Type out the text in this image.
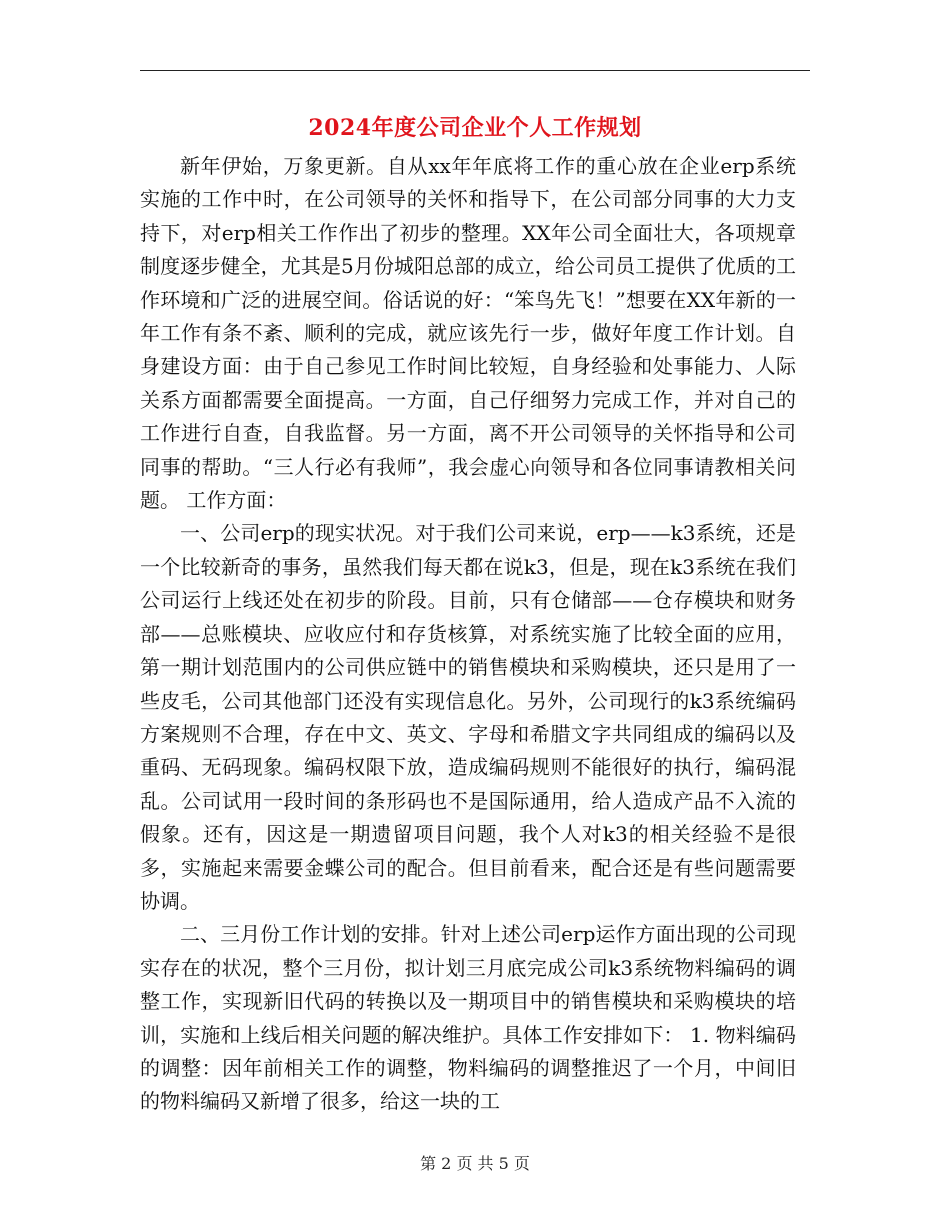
2024年度公司企业个人工作规划

新年伊始，万象更新。自从xx年年底将工作的重心放在企业erp系统实施的工作中时，在公司领导的关怀和指导下，在公司部分同事的大力支持下，对erp相关工作作出了初步的整理。XX年公司全面壮大，各项规章制度逐步健全，尤其是5月份城阳总部的成立，给公司员工提供了优质的工作环境和广泛的进展空间。俗话说的好：“笨鸟先飞！”想要在XX年新的一年工作有条不紊、顺利的完成，就应该先行一步，做好年度工作计划。自身建设方面：由于自己参见工作时间比较短，自身经验和处事能力、人际关系方面都需要全面提高。一方面，自己仔细努力完成工作，并对自己的工作进行自查，自我监督。另一方面，离不开公司领导的关怀指导和公司同事的帮助。“三人行必有我师”，我会虚心向领导和各位同事请教相关问题。 工作方面：

一、公司erp的现实状况。对于我们公司来说，erp——k3系统，还是一个比较新奇的事务，虽然我们每天都在说k3，但是，现在k3系统在我们公司运行上线还处在初步的阶段。目前，只有仓储部——仓存模块和财务部——总账模块、应收应付和存货核算，对系统实施了比较全面的应用，第一期计划范围内的公司供应链中的销售模块和采购模块，还只是用了一些皮毛，公司其他部门还没有实现信息化。另外，公司现行的k3系统编码方案规则不合理，存在中文、英文、字母和希腊文字共同组成的编码以及重码、无码现象。编码权限下放，造成编码规则不能很好的执行，编码混乱。公司试用一段时间的条形码也不是国际通用，给人造成产品不入流的假象。还有，因这是一期遗留项目问题，我个人对k3的相关经验不是很多，实施起来需要金蝶公司的配合。但目前看来，配合还是有些问题需要协调。

二、三月份工作计划的安排。针对上述公司erp运作方面出现的公司现实存在的状况，整个三月份，拟计划三月底完成公司k3系统物料编码的调整工作，实现新旧代码的转换以及一期项目中的销售模块和采购模块的培训，实施和上线后相关问题的解决维护。具体工作安排如下： 1. 物料编码的调整：因年前相关工作的调整，物料编码的调整推迟了一个月，中间旧的物料编码又新增了很多，给这一块的工

第 2 页 共 5 页
